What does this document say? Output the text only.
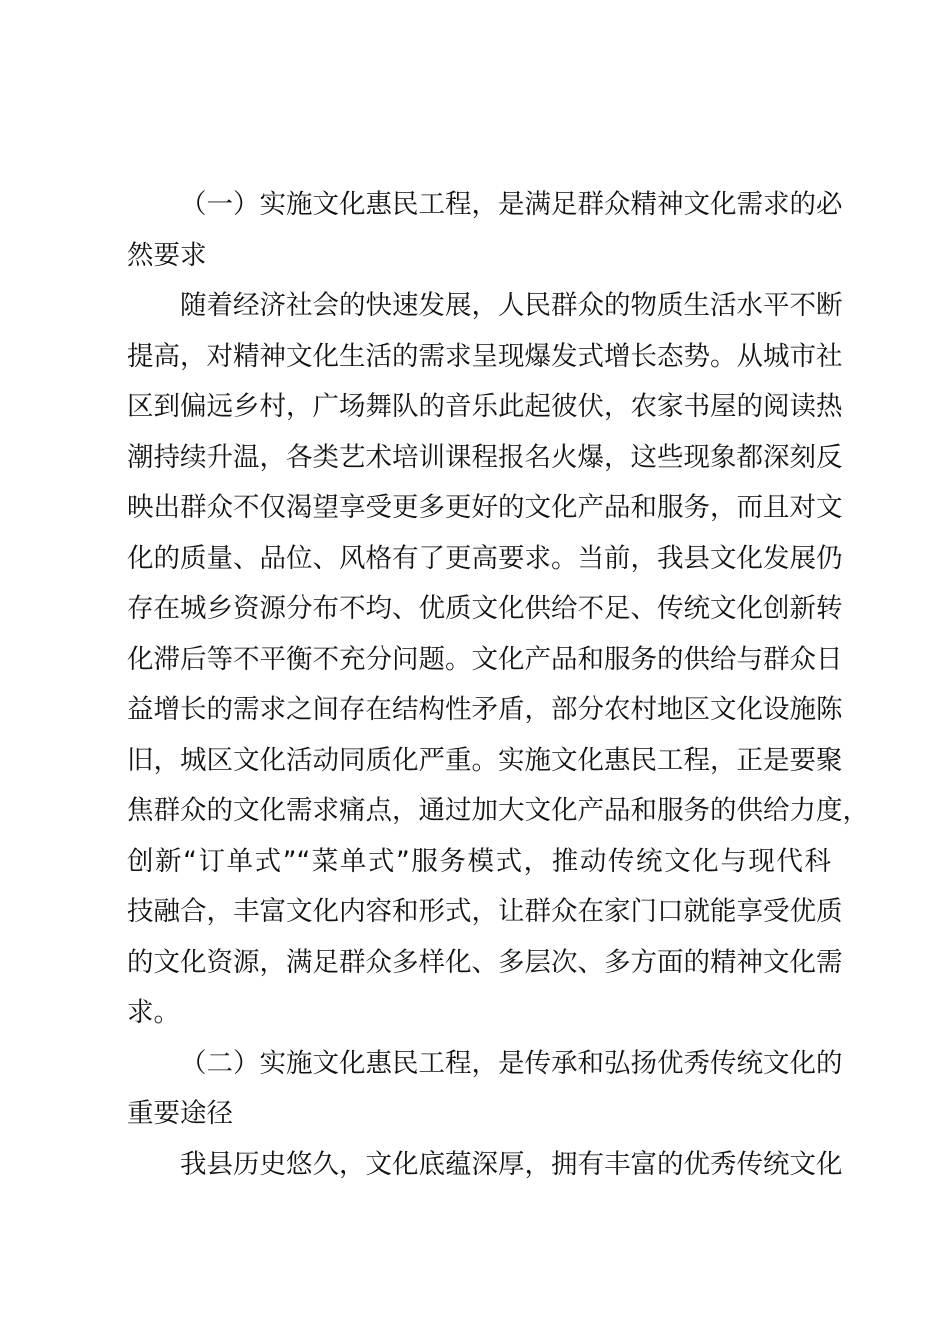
（一）实施文化惠民工程，是满足群众精神文化需求的必
然要求
随着经济社会的快速发展，人民群众的物质生活水平不断
提高，对精神文化生活的需求呈现爆发式增长态势。从城市社
区到偏远乡村，广场舞队的音乐此起彼伏，农家书屋的阅读热
潮持续升温，各类艺术培训课程报名火爆，这些现象都深刻反
映出群众不仅渴望享受更多更好的文化产品和服务，而且对文
化的质量、品位、风格有了更高要求。当前，我县文化发展仍
存在城乡资源分布不均、优质文化供给不足、传统文化创新转
化滞后等不平衡不充分问题。文化产品和服务的供给与群众日
益增长的需求之间存在结构性矛盾，部分农村地区文化设施陈
旧，城区文化活动同质化严重。实施文化惠民工程，正是要聚
焦群众的文化需求痛点，通过加大文化产品和服务的供给力度，
创新“订单式”“菜单式”服务模式，推动传统文化与现代科
技融合，丰富文化内容和形式，让群众在家门口就能享受优质
的文化资源，满足群众多样化、多层次、多方面的精神文化需
求。
（二）实施文化惠民工程，是传承和弘扬优秀传统文化的
重要途径
我县历史悠久，文化底蕴深厚，拥有丰富的优秀传统文化
